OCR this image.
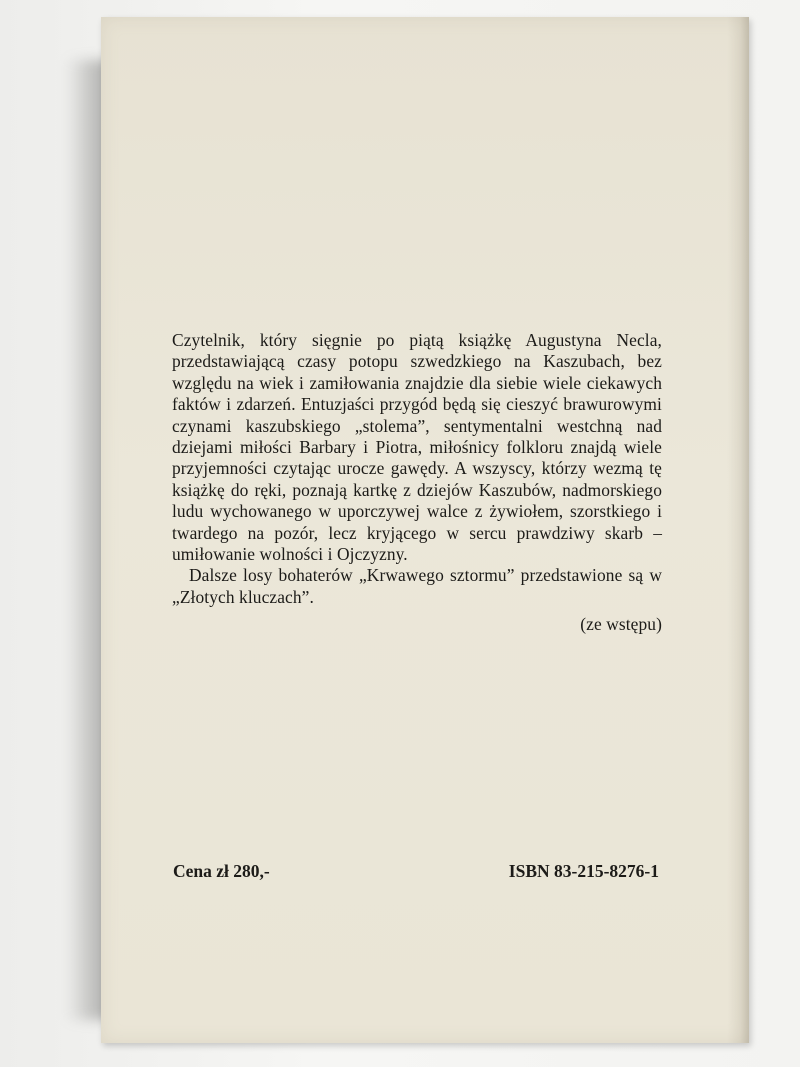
Czytelnik, który sięgnie po piątą książkę Augustyna Necla, przedstawiającą czasy potopu szwedzkiego na Kaszubach, bez względu na wiek i zamiłowania znajdzie dla siebie wiele ciekawych faktów i zdarzeń. Entuzjaści przygód będą się cieszyć brawurowymi czynami kaszubskiego „stolema”, sentymentalni westchną nad dziejami miłości Barbary i Piotra, miłośnicy folkloru znajdą wiele przyjemności czytając urocze gawędy. A wszyscy, którzy wezmą tę książkę do ręki, poznają kartkę z dziejów Kaszubów, nadmorskiego ludu wychowanego w uporczywej walce z żywiołem, szorstkiego i twardego na pozór, lecz kryjącego w sercu prawdziwy skarb – umiłowanie wolności i Ojczyzny.

Dalsze losy bohaterów „Krwawego sztormu” przedstawione są w „Złotych kluczach”.

(ze wstępu)
Cena zł 280,-	ISBN 83-215-8276-1
